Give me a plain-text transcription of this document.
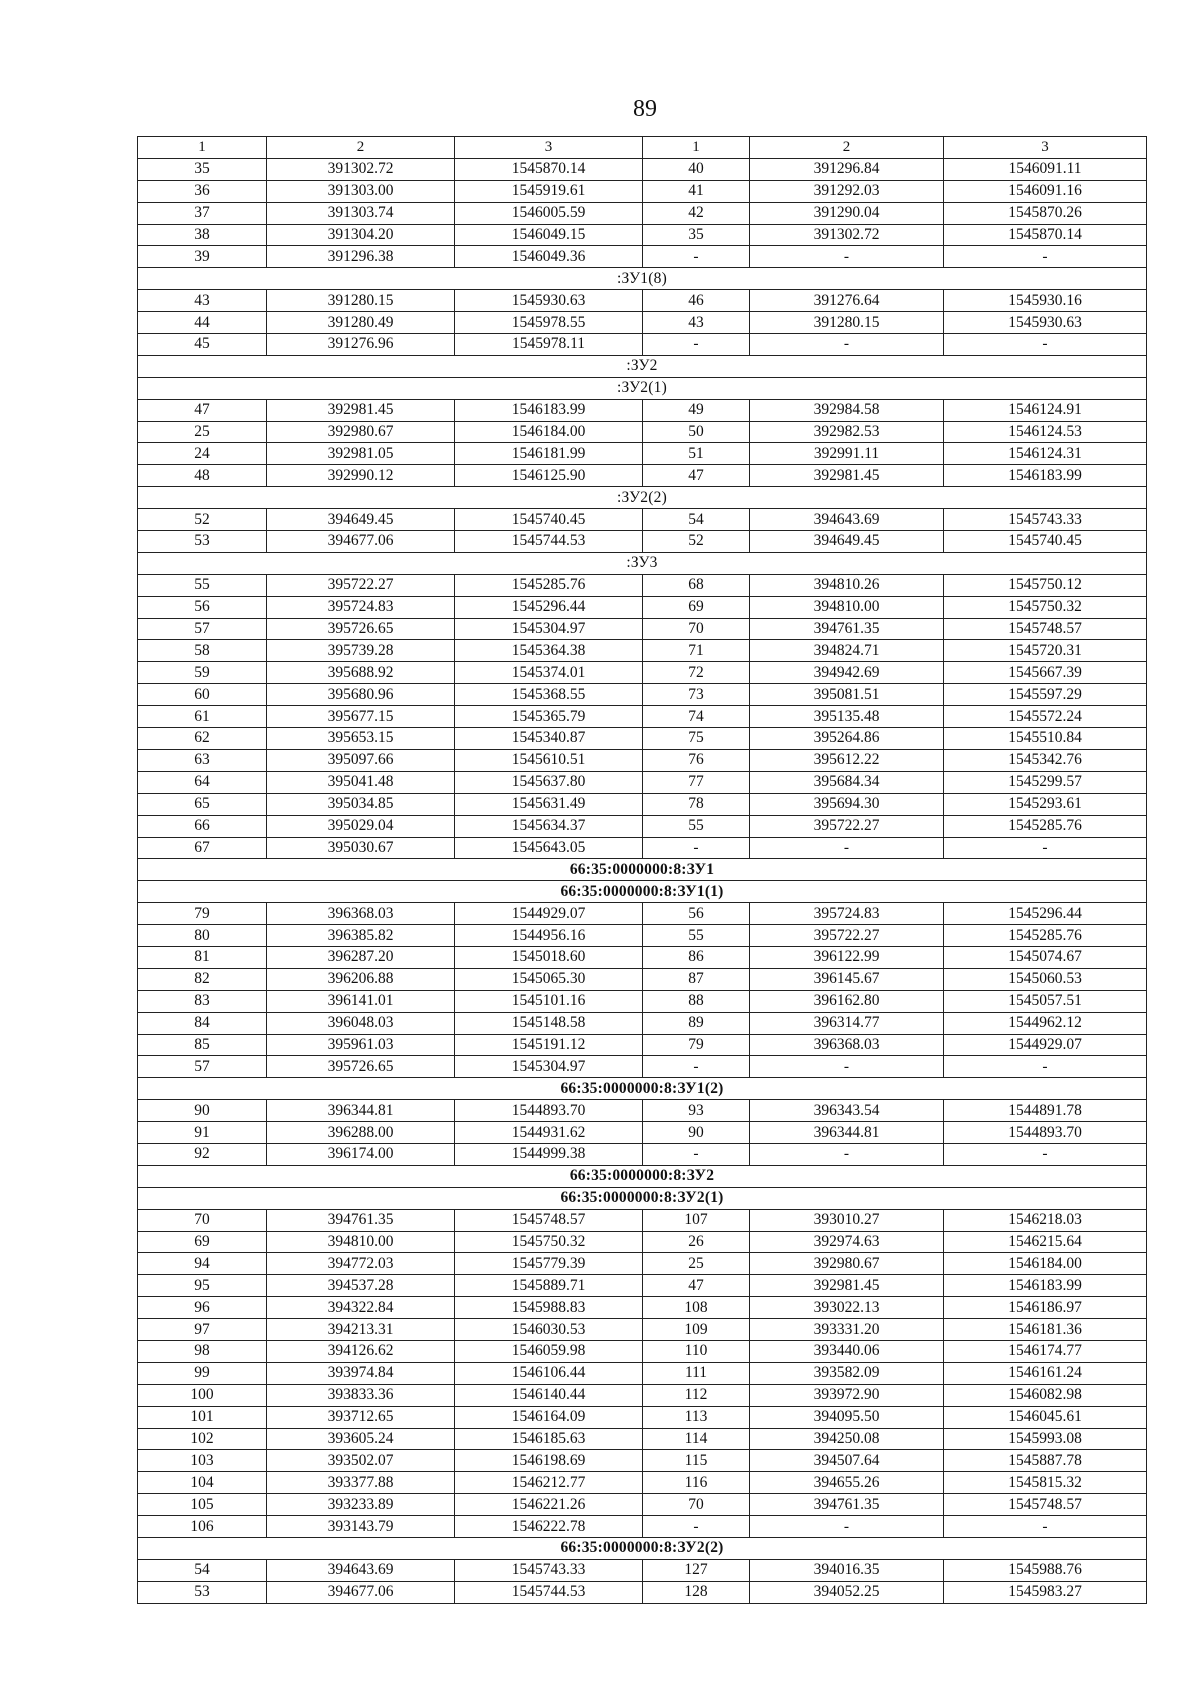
89
1	2	3	1	2	3
35	391302.72	1545870.14	40	391296.84	1546091.11
36	391303.00	1545919.61	41	391292.03	1546091.16
37	391303.74	1546005.59	42	391290.04	1545870.26
38	391304.20	1546049.15	35	391302.72	1545870.14
39	391296.38	1546049.36	-	-	-
:ЗУ1(8)					
43	391280.15	1545930.63	46	391276.64	1545930.16
44	391280.49	1545978.55	43	391280.15	1545930.63
45	391276.96	1545978.11	-	-	-
:ЗУ2					
:ЗУ2(1)					
47	392981.45	1546183.99	49	392984.58	1546124.91
25	392980.67	1546184.00	50	392982.53	1546124.53
24	392981.05	1546181.99	51	392991.11	1546124.31
48	392990.12	1546125.90	47	392981.45	1546183.99
:ЗУ2(2)					
52	394649.45	1545740.45	54	394643.69	1545743.33
53	394677.06	1545744.53	52	394649.45	1545740.45
:ЗУ3					
55	395722.27	1545285.76	68	394810.26	1545750.12
56	395724.83	1545296.44	69	394810.00	1545750.32
57	395726.65	1545304.97	70	394761.35	1545748.57
58	395739.28	1545364.38	71	394824.71	1545720.31
59	395688.92	1545374.01	72	394942.69	1545667.39
60	395680.96	1545368.55	73	395081.51	1545597.29
61	395677.15	1545365.79	74	395135.48	1545572.24
62	395653.15	1545340.87	75	395264.86	1545510.84
63	395097.66	1545610.51	76	395612.22	1545342.76
64	395041.48	1545637.80	77	395684.34	1545299.57
65	395034.85	1545631.49	78	395694.30	1545293.61
66	395029.04	1545634.37	55	395722.27	1545285.76
67	395030.67	1545643.05	-	-	-
66:35:0000000:8:ЗУ1					
66:35:0000000:8:ЗУ1(1)					
79	396368.03	1544929.07	56	395724.83	1545296.44
80	396385.82	1544956.16	55	395722.27	1545285.76
81	396287.20	1545018.60	86	396122.99	1545074.67
82	396206.88	1545065.30	87	396145.67	1545060.53
83	396141.01	1545101.16	88	396162.80	1545057.51
84	396048.03	1545148.58	89	396314.77	1544962.12
85	395961.03	1545191.12	79	396368.03	1544929.07
57	395726.65	1545304.97	-	-	-
66:35:0000000:8:ЗУ1(2)					
90	396344.81	1544893.70	93	396343.54	1544891.78
91	396288.00	1544931.62	90	396344.81	1544893.70
92	396174.00	1544999.38	-	-	-
66:35:0000000:8:ЗУ2					
66:35:0000000:8:ЗУ2(1)					
70	394761.35	1545748.57	107	393010.27	1546218.03
69	394810.00	1545750.32	26	392974.63	1546215.64
94	394772.03	1545779.39	25	392980.67	1546184.00
95	394537.28	1545889.71	47	392981.45	1546183.99
96	394322.84	1545988.83	108	393022.13	1546186.97
97	394213.31	1546030.53	109	393331.20	1546181.36
98	394126.62	1546059.98	110	393440.06	1546174.77
99	393974.84	1546106.44	111	393582.09	1546161.24
100	393833.36	1546140.44	112	393972.90	1546082.98
101	393712.65	1546164.09	113	394095.50	1546045.61
102	393605.24	1546185.63	114	394250.08	1545993.08
103	393502.07	1546198.69	115	394507.64	1545887.78
104	393377.88	1546212.77	116	394655.26	1545815.32
105	393233.89	1546221.26	70	394761.35	1545748.57
106	393143.79	1546222.78	-	-	-
66:35:0000000:8:ЗУ2(2)					
54	394643.69	1545743.33	127	394016.35	1545988.76
53	394677.06	1545744.53	128	394052.25	1545983.27
